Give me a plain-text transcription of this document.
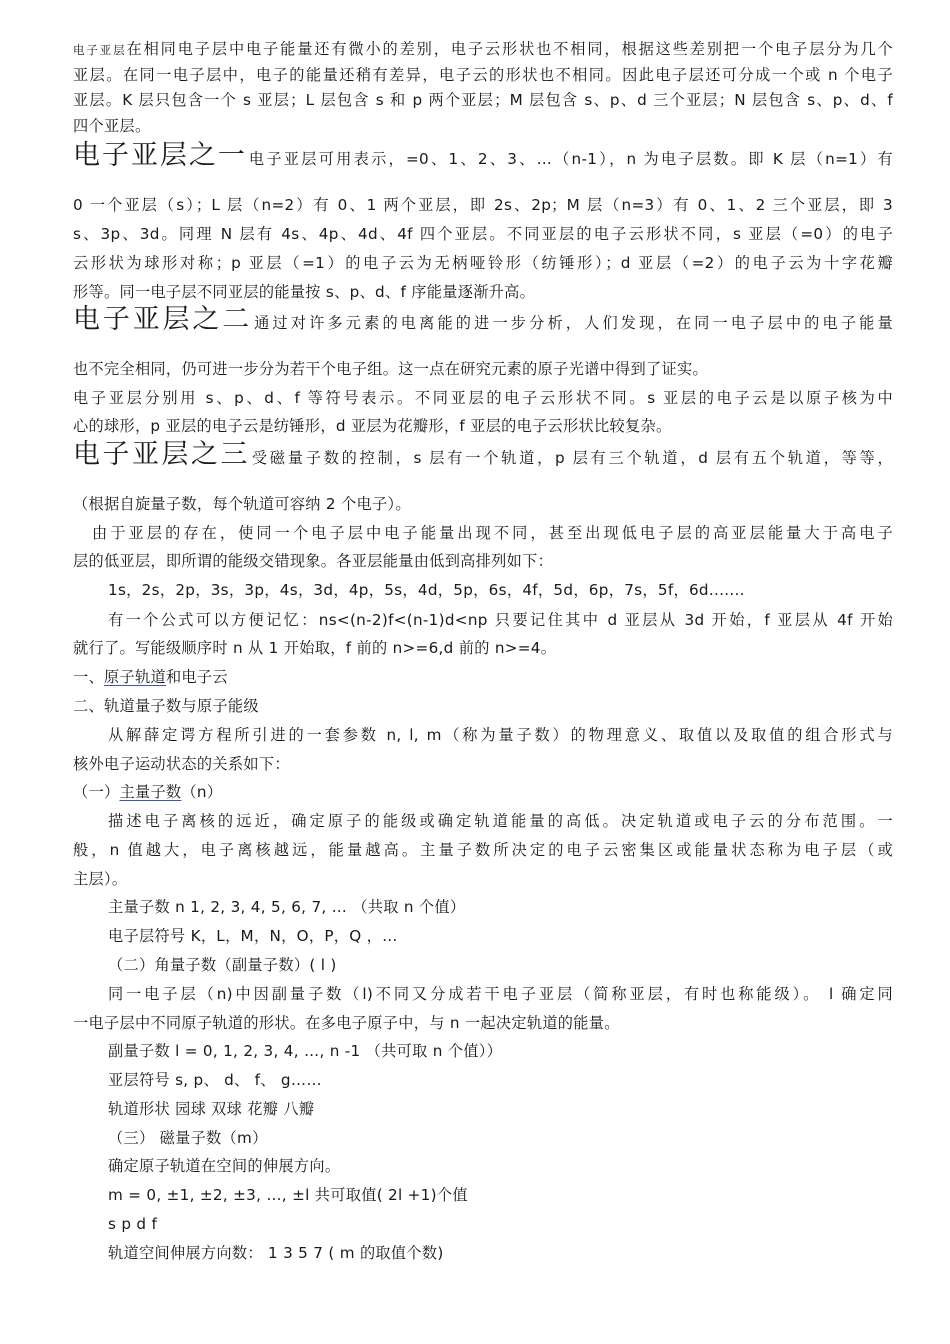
电子亚层在相同电子层中电子能量还有微小的差别，电子云形状也不相同，根据这些差别把一个电子层分为几个
亚层。在同一电子层中，电子的能量还稍有差异，电子云的形状也不相同。因此电子层还可分成一个或 n 个电子
亚层。K 层只包含一个 s 亚层；L 层包含 s 和 p 两个亚层；M 层包含 s、p、d 三个亚层；N 层包含 s、p、d、f
四个亚层。
电子亚层之一 电子亚层可用表示，=0、1、2、3、…（n-1），n 为电子层数。即 K 层（n=1）有
0 一个亚层（s）；L 层（n=2）有 0、1 两个亚层，即 2s、2p；M 层（n=3）有 0、1、2 三个亚层，即 3
s、3p、3d。同理 N 层有 4s、4p、4d、4f 四个亚层。不同亚层的电子云形状不同，s 亚层（=0）的电子
云形状为球形对称；p 亚层（=1）的电子云为无柄哑铃形（纺锤形）；d 亚层（=2）的电子云为十字花瓣
形等。同一电子层不同亚层的能量按 s、p、d、f 序能量逐渐升高。
电子亚层之二 通过对许多元素的电离能的进一步分析，人们发现，在同一电子层中的电子能量
也不完全相同，仍可进一步分为若干个电子组。这一点在研究元素的原子光谱中得到了证实。
电子亚层分别用 s、p、d、f 等符号表示。不同亚层的电子云形状不同。s 亚层的电子云是以原子核为中
心的球形，p 亚层的电子云是纺锤形，d 亚层为花瓣形，f 亚层的电子云形状比较复杂。
电子亚层之三 受磁量子数的控制，s 层有一个轨道，p 层有三个轨道，d 层有五个轨道，等等，
（根据自旋量子数，每个轨道可容纳 2 个电子）。
由于亚层的存在，使同一个电子层中电子能量出现不同，甚至出现低电子层的高亚层能量大于高电子
层的低亚层，即所谓的能级交错现象。各亚层能量由低到高排列如下：
1s，2s，2p，3s，3p，4s，3d，4p，5s，4d，5p，6s，4f，5d，6p，7s，5f，6d.......
有一个公式可以方便记忆：ns<(n-2)f<(n-1)d<np 只要记住其中 d 亚层从 3d 开始，f 亚层从 4f 开始
就行了。写能级顺序时 n 从 1 开始取，f 前的 n>=6,d 前的 n>=4。
一、原子轨道和电子云
二、轨道量子数与原子能级
从解薛定谔方程所引进的一套参数 n, l, m（称为量子数）的物理意义、取值以及取值的组合形式与
核外电子运动状态的关系如下：
（一）主量子数（n）
描述电子离核的远近，确定原子的能级或确定轨道能量的高低。决定轨道或电子云的分布范围。一
般，n 值越大，电子离核越远，能量越高。主量子数所决定的电子云密集区或能量状态称为电子层（或
主层）。
主量子数 n 1, 2, 3, 4, 5, 6, 7, … （共取 n 个值）
电子层符号 K，L，M，N，O，P，Q ，…
（二）角量子数（副量子数）( l )
同一电子层（n)中因副量子数（l)不同又分成若干电子亚层（简称亚层，有时也称能级）。 l 确定同
一电子层中不同原子轨道的形状。在多电子原子中，与 n 一起决定轨道的能量。
副量子数 l = 0, 1, 2, 3, 4, …, n -1 （共可取 n 个值））
亚层符号 s, p、 d、 f、 g……
轨道形状 园球 双球 花瓣 八瓣
（三） 磁量子数（m）
确定原子轨道在空间的伸展方向。
m = 0, ±1, ±2, ±3, …, ±l 共可取值( 2l +1)个值
s p d f
轨道空间伸展方向数： 1 3 5 7 ( m 的取值个数)
